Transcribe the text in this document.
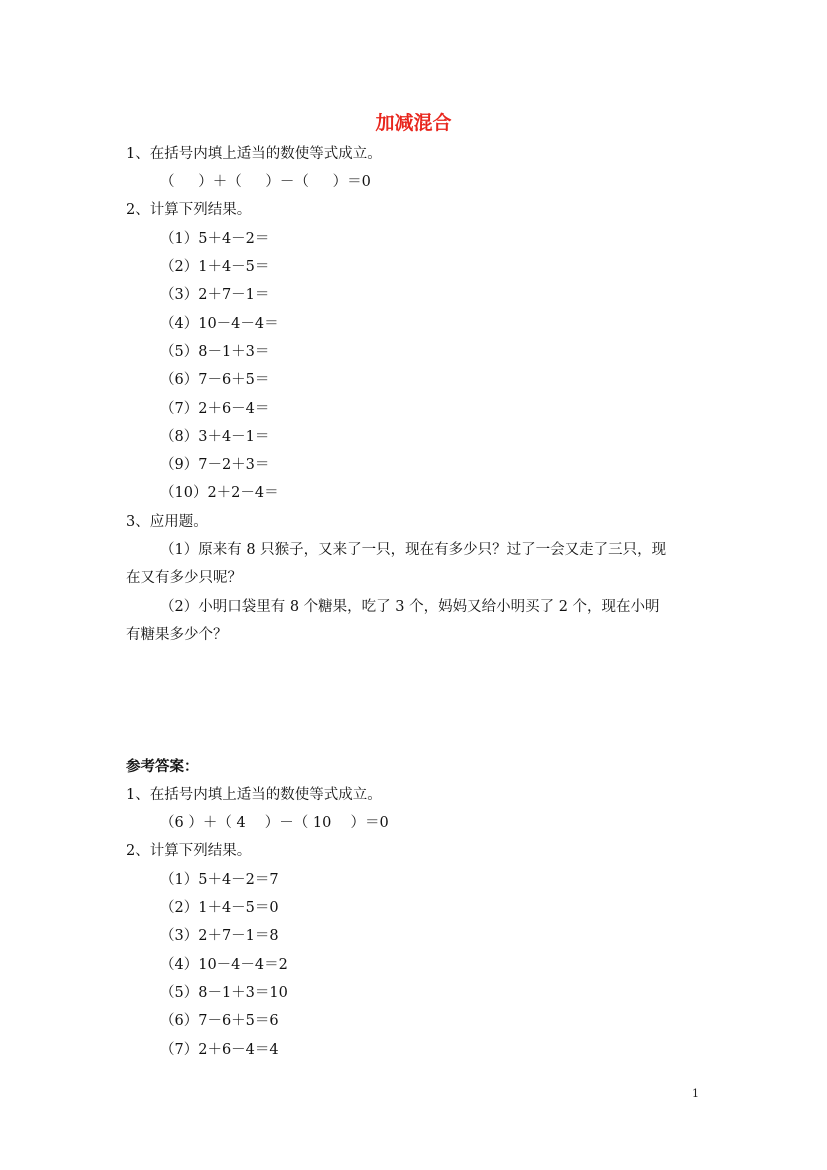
加减混合
1、在括号内填上适当的数使等式成立。
（ 　 ）＋（ 　 ）－（ 　 ）＝0
2、计算下列结果。
（1）5＋4－2＝
（2）1＋4－5＝
（3）2＋7－1＝
（4）10－4－4＝
（5）8－1＋3＝
（6）7－6＋5＝
（7）2＋6－4＝
（8）3＋4－1＝
（9）7－2＋3＝
（10）2＋2－4＝
3、应用题。
（1）原来有 8 只猴子，又来了一只，现在有多少只？过了一会又走了三只，现在又有多少只呢？
（2）小明口袋里有 8 个糖果，吃了 3 个，妈妈又给小明买了 2 个，现在小明有糖果多少个？
参考答案：
1、在括号内填上适当的数使等式成立。
（6 ）＋（ 4 　）－（ 10 　）＝0
2、计算下列结果。
（1）5＋4－2＝7
（2）1＋4－5＝0
（3）2＋7－1＝8
（4）10－4－4＝2
（5）8－1＋3＝10
（6）7－6＋5＝6
（7）2＋6－4＝4
1
